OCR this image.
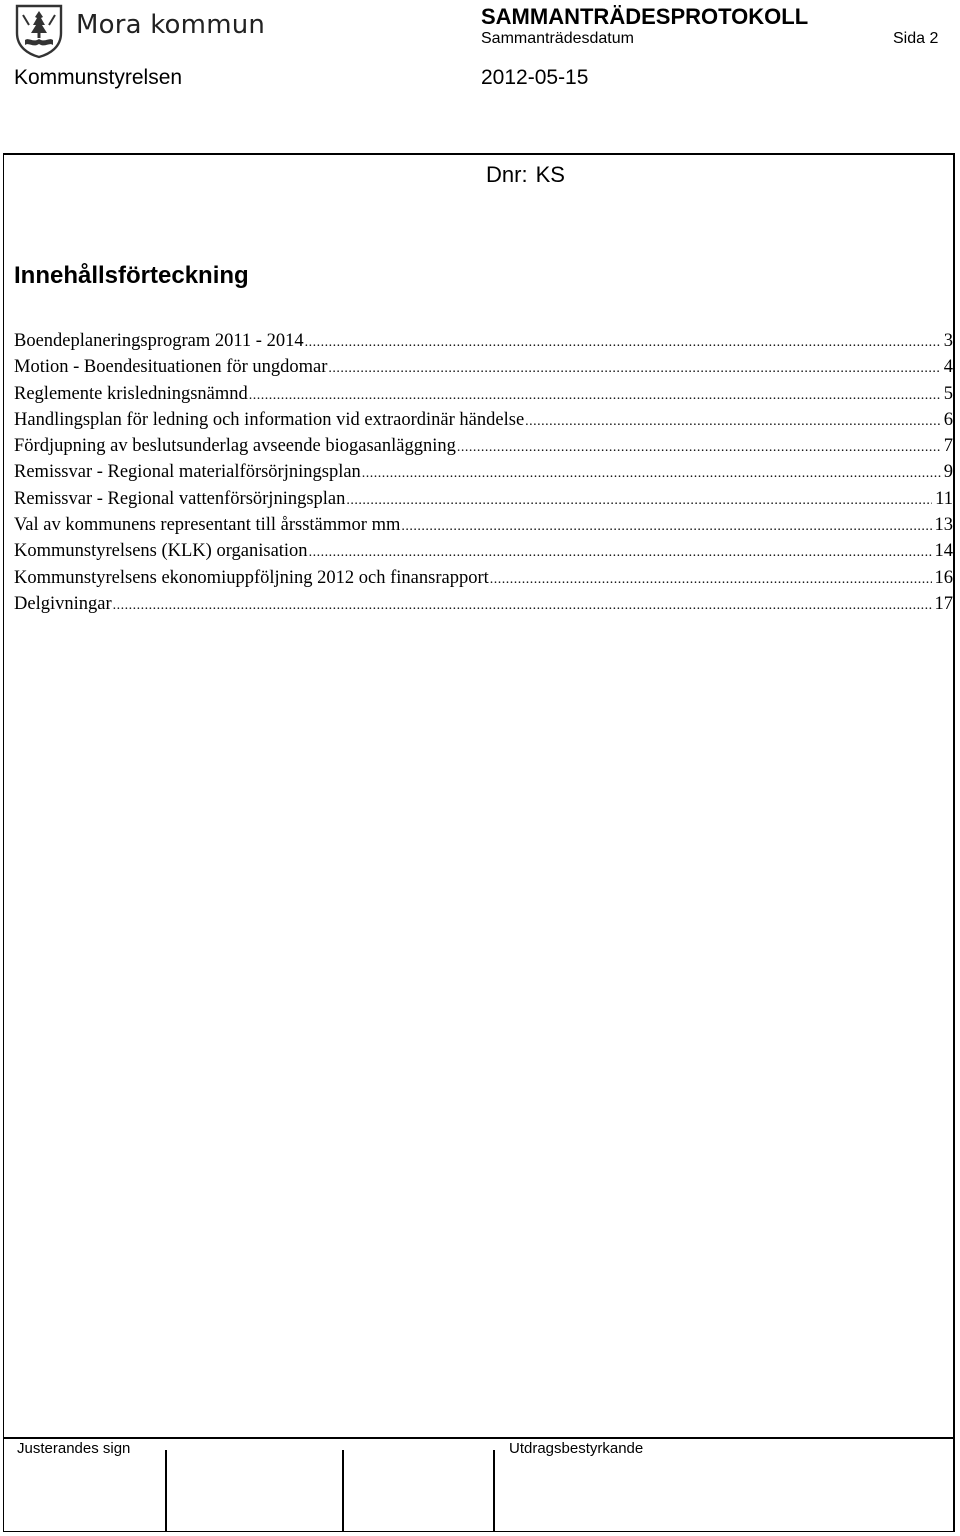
Mora kommun	SAMMANTRÄDESPROTOKOLL
Sammanträdesdatum	Sida 2
Kommunstyrelsen	2012-05-15
Dnr: KS
Innehållsförteckning
Boendeplaneringsprogram 2011 - 2014 .....	3
Motion - Boendesituationen för ungdomar .....	4
Reglemente krisledningsnämnd .....	5
Handlingsplan för ledning och information vid extraordinär händelse .....	6
Fördjupning av beslutsunderlag avseende biogasanläggning .....	7
Remissvar - Regional materialförsörjningsplan .....	9
Remissvar - Regional vattenförsörjningsplan .....	11
Val av kommunens representant till årsstämmor mm .....	13
Kommunstyrelsens (KLK) organisation .....	14
Kommunstyrelsens ekonomiuppföljning 2012 och finansrapport .....	16
Delgivningar .....	17
Justerandes sign	Utdragsbestyrkande
